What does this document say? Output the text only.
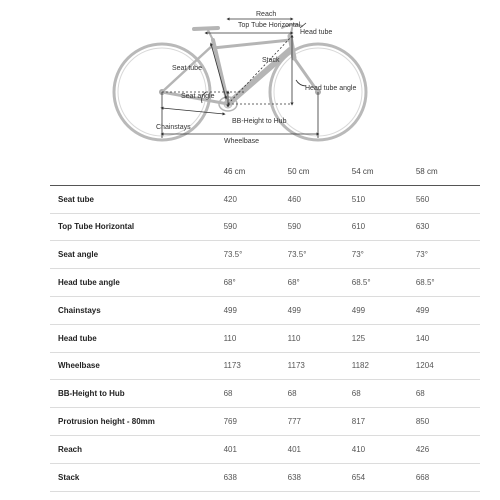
Reach
Top Tube Horizontal
Head tube
Stack
Seat tube
Head tube angle
Seat angle
BB-Height to Hub
Chainstays
Wheelbase
	46 cm	50 cm	54 cm	58 cm
Seat tube	420	460	510	560
Top Tube Horizontal	590	590	610	630
Seat angle	73.5°	73.5°	73°	73°
Head tube angle	68°	68°	68.5°	68.5°
Chainstays	499	499	499	499
Head tube	110	110	125	140
Wheelbase	1173	1173	1182	1204
BB-Height to Hub	68	68	68	68
Protrusion height - 80mm	769	777	817	850
Reach	401	401	410	426
Stack	638	638	654	668
